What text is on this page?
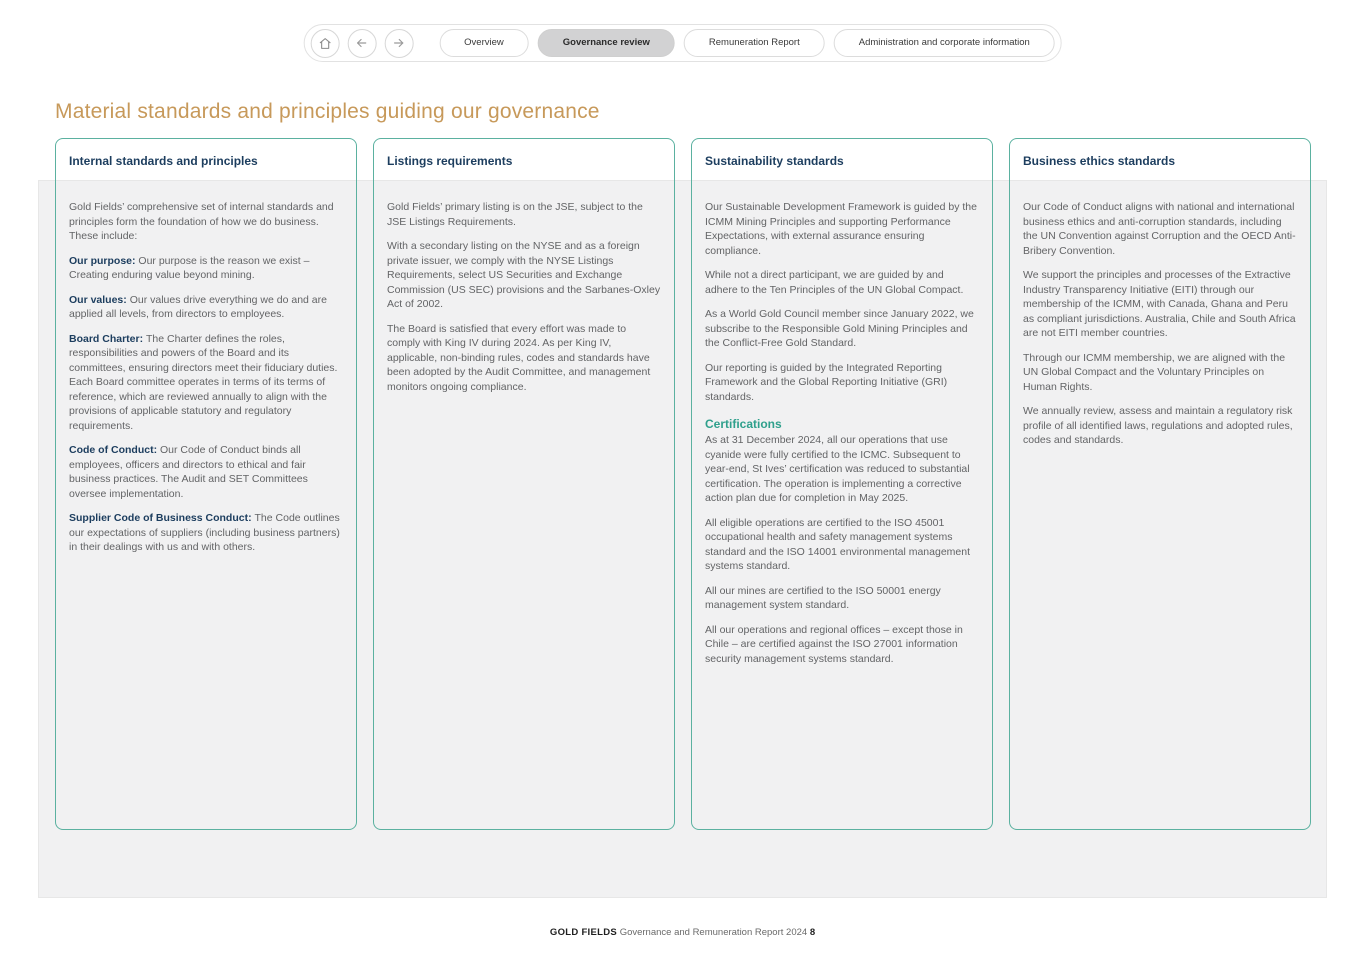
Overview	Governance review	Remuneration Report	Administration and corporate information
Material standards and principles guiding our governance
Internal standards and principles

Gold Fields’ comprehensive set of internal standards and principles form the foundation of how we do business. These include:

Our purpose: Our purpose is the reason we exist – Creating enduring value beyond mining.

Our values: Our values drive everything we do and are applied all levels, from directors to employees.

Board Charter: The Charter defines the roles, responsibilities and powers of the Board and its committees, ensuring directors meet their fiduciary duties. Each Board committee operates in terms of its terms of reference, which are reviewed annually to align with the provisions of applicable statutory and regulatory requirements.

Code of Conduct: Our Code of Conduct binds all employees, officers and directors to ethical and fair business practices. The Audit and SET Committees oversee implementation.

Supplier Code of Business Conduct: The Code outlines our expectations of suppliers (including business partners) in their dealings with us and with others.

Listings requirements

Gold Fields’ primary listing is on the JSE, subject to the JSE Listings Requirements.

With a secondary listing on the NYSE and as a foreign private issuer, we comply with the NYSE Listings Requirements, select US Securities and Exchange Commission (US SEC) provisions and the Sarbanes-Oxley Act of 2002.

The Board is satisfied that every effort was made to comply with King IV during 2024. As per King IV, applicable, non-binding rules, codes and standards have been adopted by the Audit Committee, and management monitors ongoing compliance.

Sustainability standards

Our Sustainable Development Framework is guided by the ICMM Mining Principles and supporting Performance Expectations, with external assurance ensuring compliance.

While not a direct participant, we are guided by and adhere to the Ten Principles of the UN Global Compact.

As a World Gold Council member since January 2022, we subscribe to the Responsible Gold Mining Principles and the Conflict-Free Gold Standard.

Our reporting is guided by the Integrated Reporting Framework and the Global Reporting Initiative (GRI) standards.

Certifications

As at 31 December 2024, all our operations that use cyanide were fully certified to the ICMC. Subsequent to year-end, St Ives’ certification was reduced to substantial certification. The operation is implementing a corrective action plan due for completion in May 2025.

All eligible operations are certified to the ISO 45001 occupational health and safety management systems standard and the ISO 14001 environmental management systems standard.

All our mines are certified to the ISO 50001 energy management system standard.

All our operations and regional offices – except those in Chile – are certified against the ISO 27001 information security management systems standard.

Business ethics standards

Our Code of Conduct aligns with national and international business ethics and anti-corruption standards, including the UN Convention against Corruption and the OECD Anti-Bribery Convention.

We support the principles and processes of the Extractive Industry Transparency Initiative (EITI) through our membership of the ICMM, with Canada, Ghana and Peru as compliant jurisdictions. Australia, Chile and South Africa are not EITI member countries.

Through our ICMM membership, we are aligned with the UN Global Compact and the Voluntary Principles on Human Rights.

We annually review, assess and maintain a regulatory risk profile of all identified laws, regulations and adopted rules, codes and standards.

GOLD FIELDS Governance and Remuneration Report 2024 8
